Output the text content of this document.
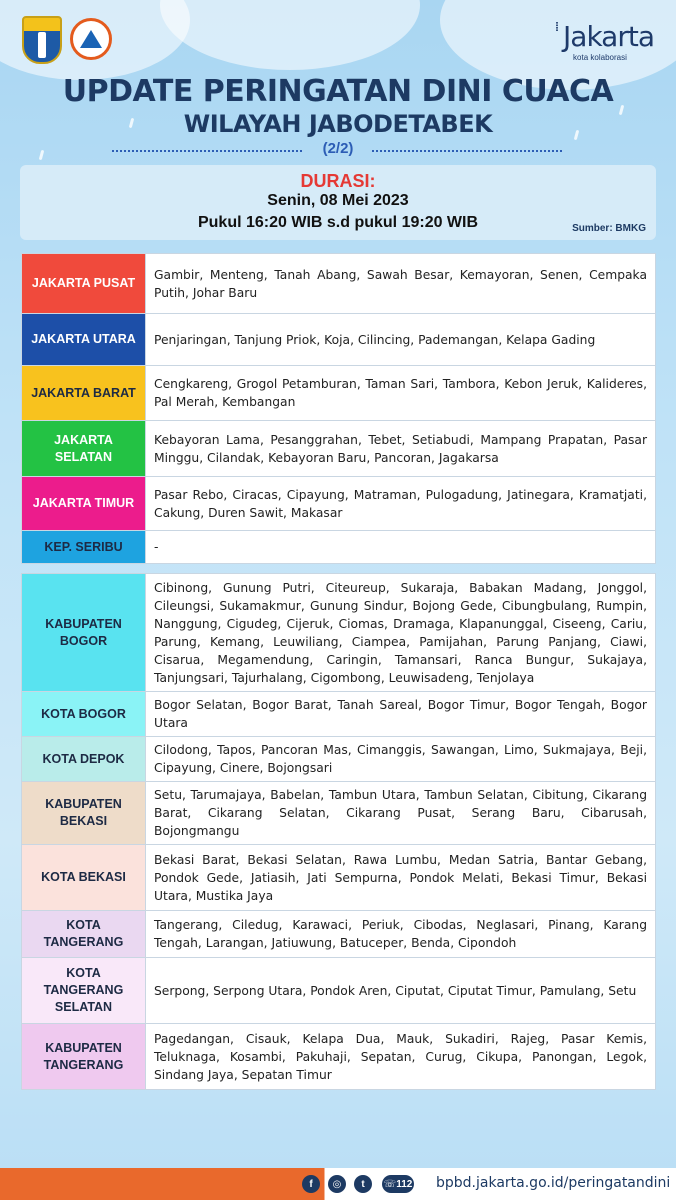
⁞ Jakarta
kota kolaborasi
UPDATE PERINGATAN DINI CUACA
WILAYAH JABODETABEK
(2/2)
DURASI:
Senin, 08 Mei 2023
Pukul 16:20 WIB s.d pukul 19:20 WIB	Sumber: BMKG
JAKARTA PUSAT	Gambir, Menteng, Tanah Abang, Sawah Besar, Kemayoran, Senen, Cempaka Putih, Johar Baru
JAKARTA UTARA	Penjaringan, Tanjung Priok, Koja, Cilincing, Pademangan, Kelapa Gading
JAKARTA BARAT	Cengkareng, Grogol Petamburan, Taman Sari, Tambora, Kebon Jeruk, Kalideres, Pal Merah, Kembangan
JAKARTA SELATAN	Kebayoran Lama, Pesanggrahan, Tebet, Setiabudi, Mampang Prapatan, Pasar Minggu, Cilandak, Kebayoran Baru, Pancoran, Jagakarsa
JAKARTA TIMUR	Pasar Rebo, Ciracas, Cipayung, Matraman, Pulogadung, Jatinegara, Kramatjati, Cakung, Duren Sawit, Makasar
KEP. SERIBU	-
KABUPATEN BOGOR	Cibinong, Gunung Putri, Citeureup, Sukaraja, Babakan Madang, Jonggol, Cileungsi, Sukamakmur, Gunung Sindur, Bojong Gede, Cibungbulang, Rumpin, Nanggung, Cigudeg, Cijeruk, Ciomas, Dramaga, Klapanunggal, Ciseeng, Cariu, Parung, Kemang, Leuwiliang, Ciampea, Pamijahan, Parung Panjang, Ciawi, Cisarua, Megamendung, Caringin, Tamansari, Ranca Bungur, Sukajaya, Tanjungsari, Tajurhalang, Cigombong, Leuwisadeng, Tenjolaya
KOTA BOGOR	Bogor Selatan, Bogor Barat, Tanah Sareal, Bogor Timur, Bogor Tengah, Bogor Utara
KOTA DEPOK	Cilodong, Tapos, Pancoran Mas, Cimanggis, Sawangan, Limo, Sukmajaya, Beji, Cipayung, Cinere, Bojongsari
KABUPATEN BEKASI	Setu, Tarumajaya, Babelan, Tambun Utara, Tambun Selatan, Cibitung, Cikarang Barat, Cikarang Selatan, Cikarang Pusat, Serang Baru, Cibarusah, Bojongmangu
KOTA BEKASI	Bekasi Barat, Bekasi Selatan, Rawa Lumbu, Medan Satria, Bantar Gebang, Pondok Gede, Jatiasih, Jati Sempurna, Pondok Melati, Bekasi Timur, Bekasi Utara, Mustika Jaya
KOTA TANGERANG	Tangerang, Ciledug, Karawaci, Periuk, Cibodas, Neglasari, Pinang, Karang Tengah, Larangan, Jatiuwung, Batuceper, Benda, Cipondoh
KOTA TANGERANG SELATAN	Serpong, Serpong Utara, Pondok Aren, Ciputat, Ciputat Timur, Pamulang, Setu
KABUPATEN TANGERANG	Pagedangan, Cisauk, Kelapa Dua, Mauk, Sukadiri, Rajeg, Pasar Kemis, Teluknaga, Kosambi, Pakuhaji, Sepatan, Curug, Cikupa, Panongan, Legok, Sindang Jaya, Sepatan Timur
f	◎	t	☏ 112 bpbd.jakarta.go.id/peringatandini
